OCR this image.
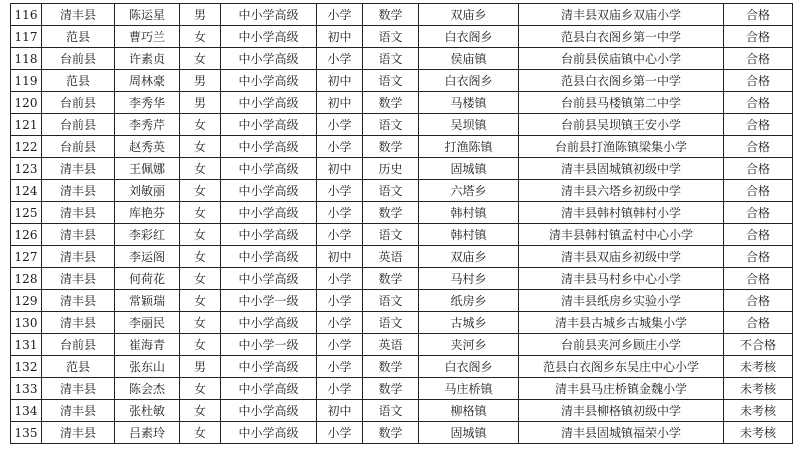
116	清丰县	陈运星	男	中小学高级	小学	数学	双庙乡	清丰县双庙乡双庙小学	合格
117	范县	曹巧兰	女	中小学高级	初中	语文	白衣阁乡	范县白衣阁乡第一中学	合格
118	台前县	许素贞	女	中小学高级	小学	语文	侯庙镇	台前县侯庙镇中心小学	合格
119	范县	周林豪	男	中小学高级	初中	语文	白衣阁乡	范县白衣阁乡第一中学	合格
120	台前县	李秀华	男	中小学高级	初中	数学	马楼镇	台前县马楼镇第二中学	合格
121	台前县	李秀芹	女	中小学高级	小学	语文	吴坝镇	台前县吴坝镇王安小学	合格
122	台前县	赵秀英	女	中小学高级	小学	数学	打渔陈镇	台前县打渔陈镇梁集小学	合格
123	清丰县	王佩娜	女	中小学高级	初中	历史	固城镇	清丰县固城镇初级中学	合格
124	清丰县	刘敏丽	女	中小学高级	小学	语文	六塔乡	清丰县六塔乡初级中学	合格
125	清丰县	库艳芬	女	中小学高级	小学	数学	韩村镇	清丰县韩村镇韩村小学	合格
126	清丰县	李彩红	女	中小学高级	小学	语文	韩村镇	清丰县韩村镇孟村中心小学	合格
127	清丰县	李运阁	女	中小学高级	初中	英语	双庙乡	清丰县双庙乡初级中学	合格
128	清丰县	何荷花	女	中小学高级	小学	数学	马村乡	清丰县马村乡中心小学	合格
129	清丰县	常颖瑞	女	中小学一级	小学	语文	纸房乡	清丰县纸房乡实验小学	合格
130	清丰县	李丽民	女	中小学高级	小学	语文	古城乡	清丰县古城乡古城集小学	合格
131	台前县	崔海青	女	中小学一级	小学	英语	夹河乡	台前县夹河乡顾庄小学	不合格
132	范县	张东山	男	中小学高级	小学	数学	白衣阁乡	范县白衣阁乡东吴庄中心小学	未考核
133	清丰县	陈会杰	女	中小学高级	小学	数学	马庄桥镇	清丰县马庄桥镇金魏小学	未考核
134	清丰县	张杜敏	女	中小学高级	初中	语文	柳格镇	清丰县柳格镇初级中学	未考核
135	清丰县	吕素玲	女	中小学高级	小学	数学	固城镇	清丰县固城镇福荣小学	未考核
